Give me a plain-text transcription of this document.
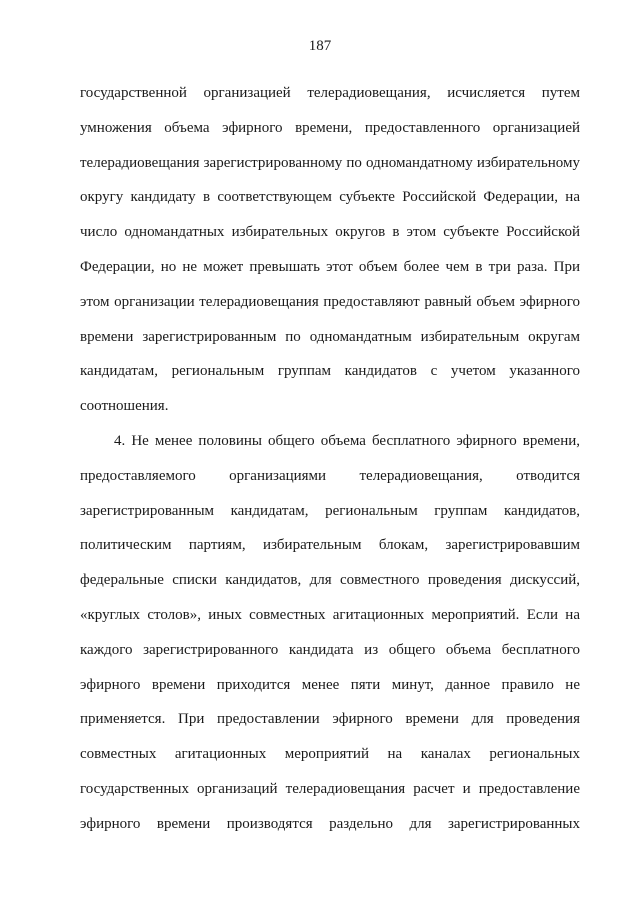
187
государственной организацией телерадиовещания, исчисляется путем
умножения объема эфирного времени, предоставленного организацией
телерадиовещания зарегистрированному по одномандатному избирательному
округу кандидату в соответствующем субъекте Российской Федерации, на
число одномандатных избирательных округов в этом субъекте Российской
Федерации, но не может превышать этот объем более чем в три раза. При
этом организации телерадиовещания предоставляют равный объем эфирного
времени зарегистрированным по одномандатным избирательным округам
кандидатам, региональным группам кандидатов с учетом указанного
соотношения.
4. Не менее половины общего объема бесплатного эфирного времени,
предоставляемого организациями телерадиовещания, отводится
зарегистрированным кандидатам, региональным группам кандидатов,
политическим партиям, избирательным блокам, зарегистрировавшим
федеральные списки кандидатов, для совместного проведения дискуссий,
«круглых столов», иных совместных агитационных мероприятий. Если на
каждого зарегистрированного кандидата из общего объема бесплатного
эфирного времени приходится менее пяти минут, данное правило не
применяется. При предоставлении эфирного времени для проведения
совместных агитационных мероприятий на каналах региональных
государственных организаций телерадиовещания расчет и предоставление
эфирного времени производятся раздельно для зарегистрированных
